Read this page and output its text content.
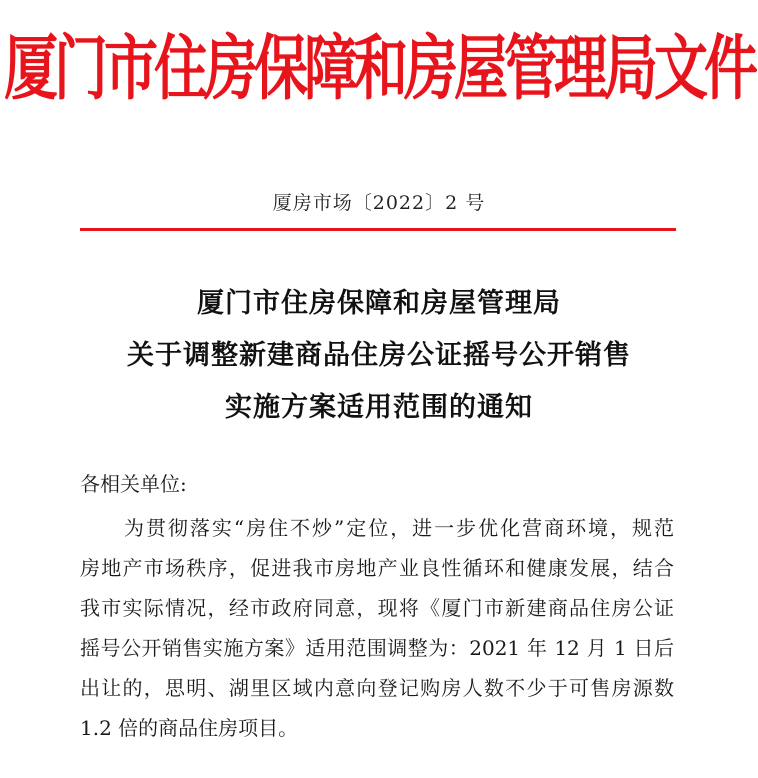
厦门市住房保障和房屋管理局文件
厦房市场〔2022〕2 号
厦门市住房保障和房屋管理局
关于调整新建商品住房公证摇号公开销售
实施方案适用范围的通知
各相关单位:
　　为贯彻落实“房住不炒”定位，进一步优化营商环境，规范
房地产市场秩序，促进我市房地产业良性循环和健康发展，结合
我市实际情况，经市政府同意，现将《厦门市新建商品住房公证
摇号公开销售实施方案》适用范围调整为：2021 年 12 月 1 日后
出让的，思明、湖里区域内意向登记购房人数不少于可售房源数
1.2 倍的商品住房项目。
